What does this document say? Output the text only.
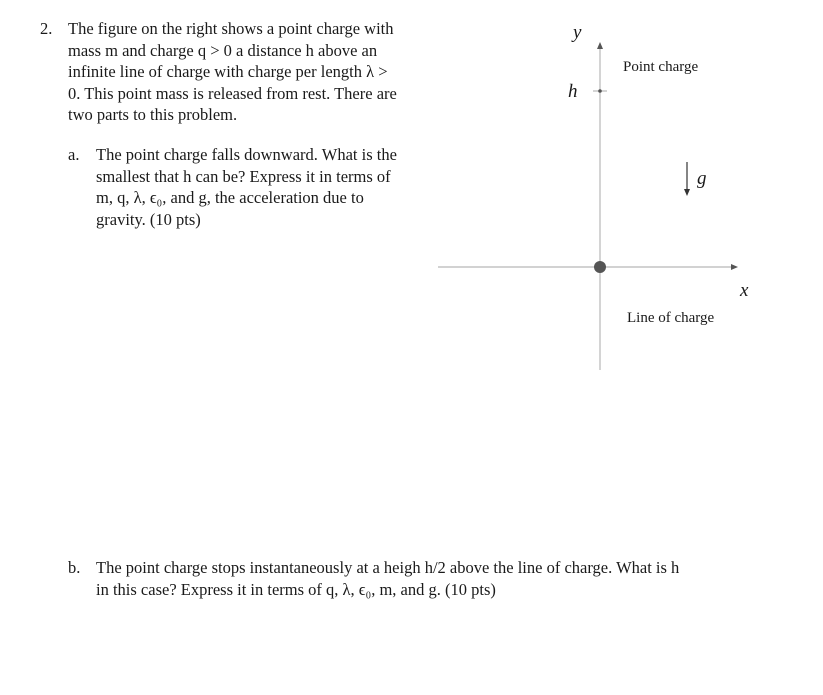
2. The figure on the right shows a point charge with
mass m and charge q > 0 a distance h above an
infinite line of charge with charge per length λ >
0. This point mass is released from rest. There are
two parts to this problem.
a. The point charge falls downward. What is the
smallest that h can be? Express it in terms of
m, q, λ, ϵ₀, and g, the acceleration due to
gravity. (10 pts)
y
x
h
Point charge
g⃗
Line of charge
b. The point charge stops instantaneously at a heigh h/2 above the line of charge. What is h
in this case? Express it in terms of q, λ, ϵ₀, m, and g. (10 pts)
